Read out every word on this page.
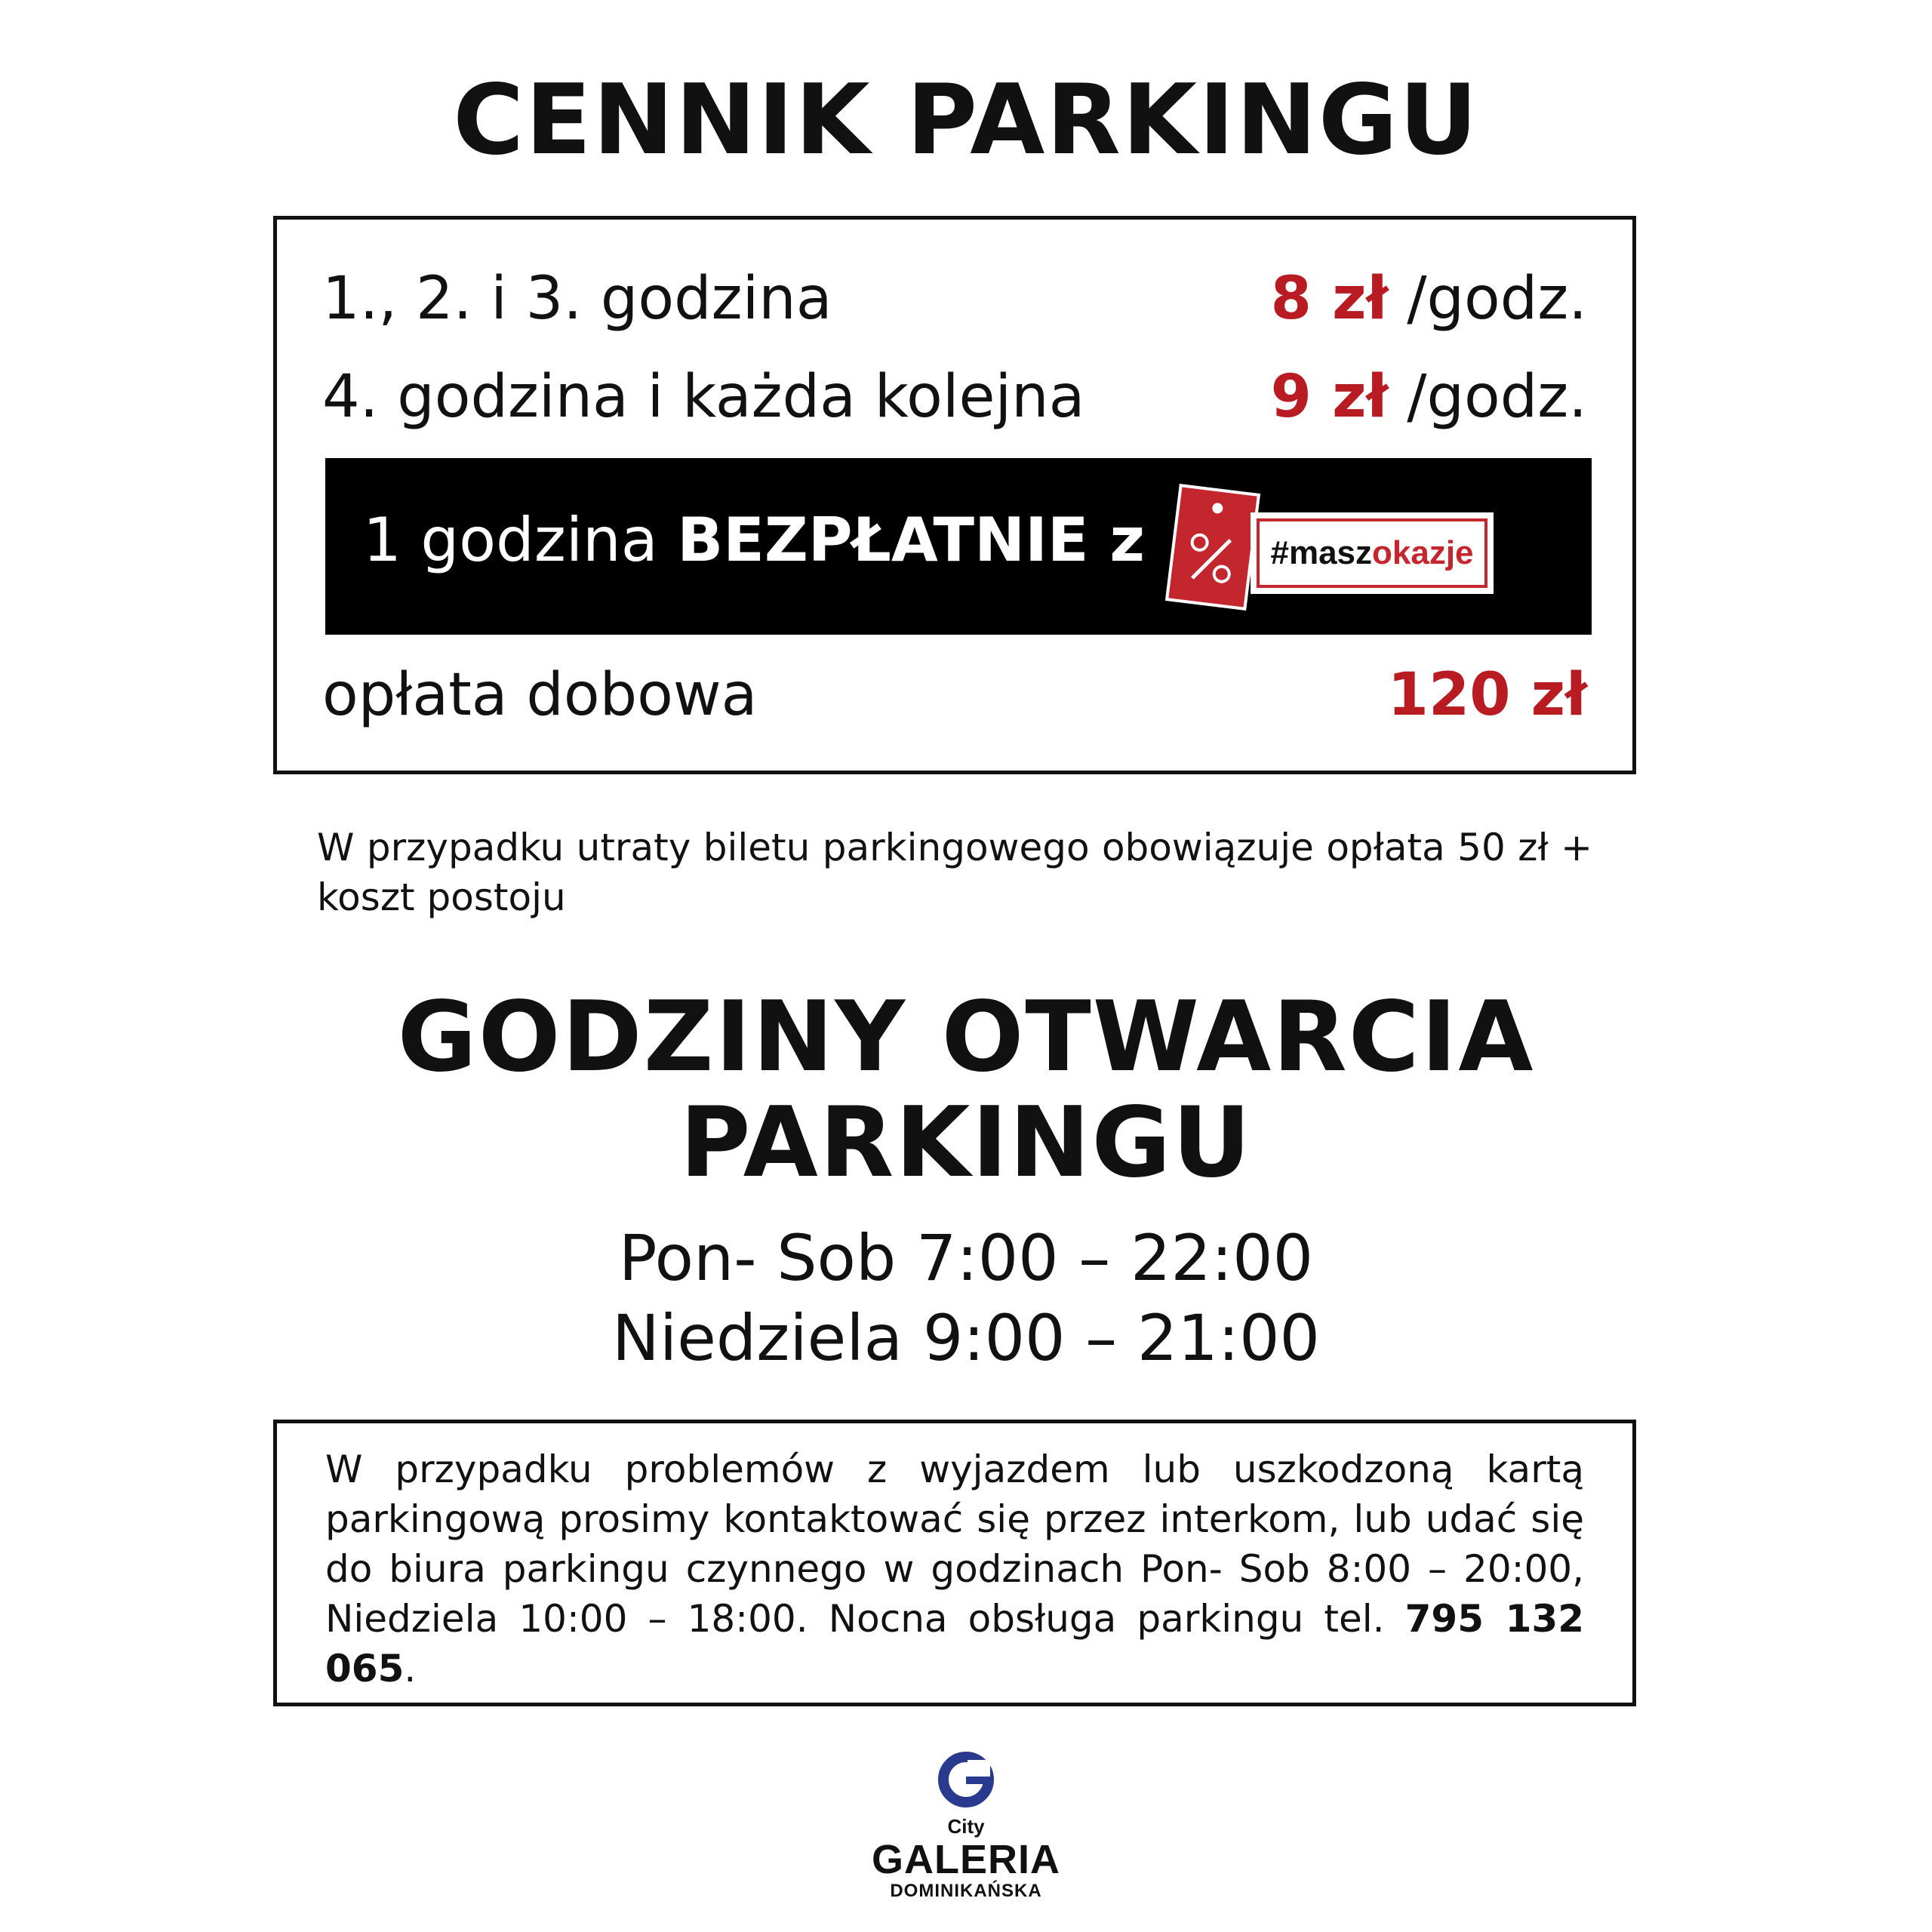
CENNIK PARKINGU
1., 2. i 3. godzina	8 zł /godz.
4. godzina i każda kolejna	9 zł /godz.
1 godzina BEZPŁATNIE z	#masz okazje
opłata dobowa	120 zł
W przypadku utraty biletu parkingowego obowiązuje opłata 50 zł + koszt postoju
GODZINY OTWARCIA PARKINGU
Pon- Sob 7:00 – 22:00
Niedziela 9:00 – 21:00
W przypadku problemów z wyjazdem lub uszkodzoną kartą parkingową prosimy kontaktować się przez interkom, lub udać się do biura parkingu czynnego w godzinach Pon- Sob 8:00 – 20:00, Niedziela 10:00 – 18:00. Nocna obsługa parkingu tel. 795 132 065.
City
GALERIA
DOMINIKAŃSKA
